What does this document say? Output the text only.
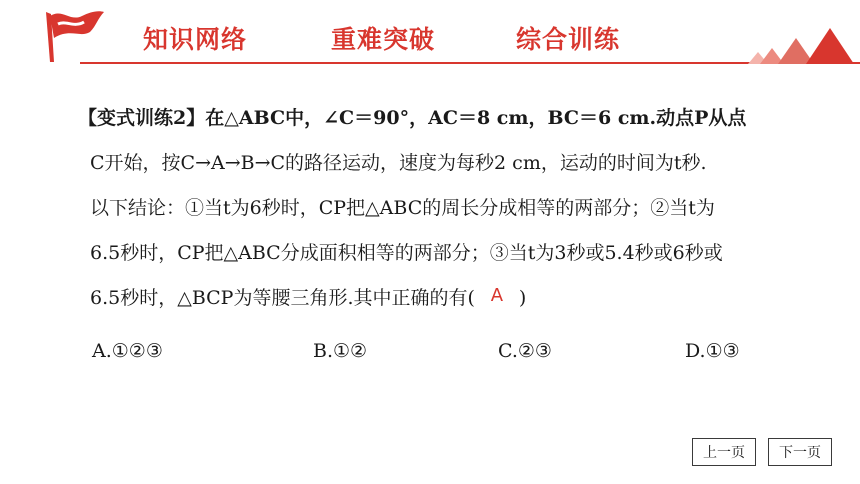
知识网络	重难突破	综合训练
【变式训练2】在△ABC中，∠C＝90°，AC＝8 cm，BC＝6 cm.动点P从点
C开始，按C→A→B→C的路径运动，速度为每秒2 cm，运动的时间为t秒.
以下结论：①当t为6秒时，CP把△ABC的周长分成相等的两部分；②当t为
6.5秒时，CP把△ABC分成面积相等的两部分；③当t为3秒或5.4秒或6秒或
6.5秒时，△BCP为等腰三角形.其中正确的有( A )
A.①②③	B.①②	C.②③	D.①③
上一页	下一页
